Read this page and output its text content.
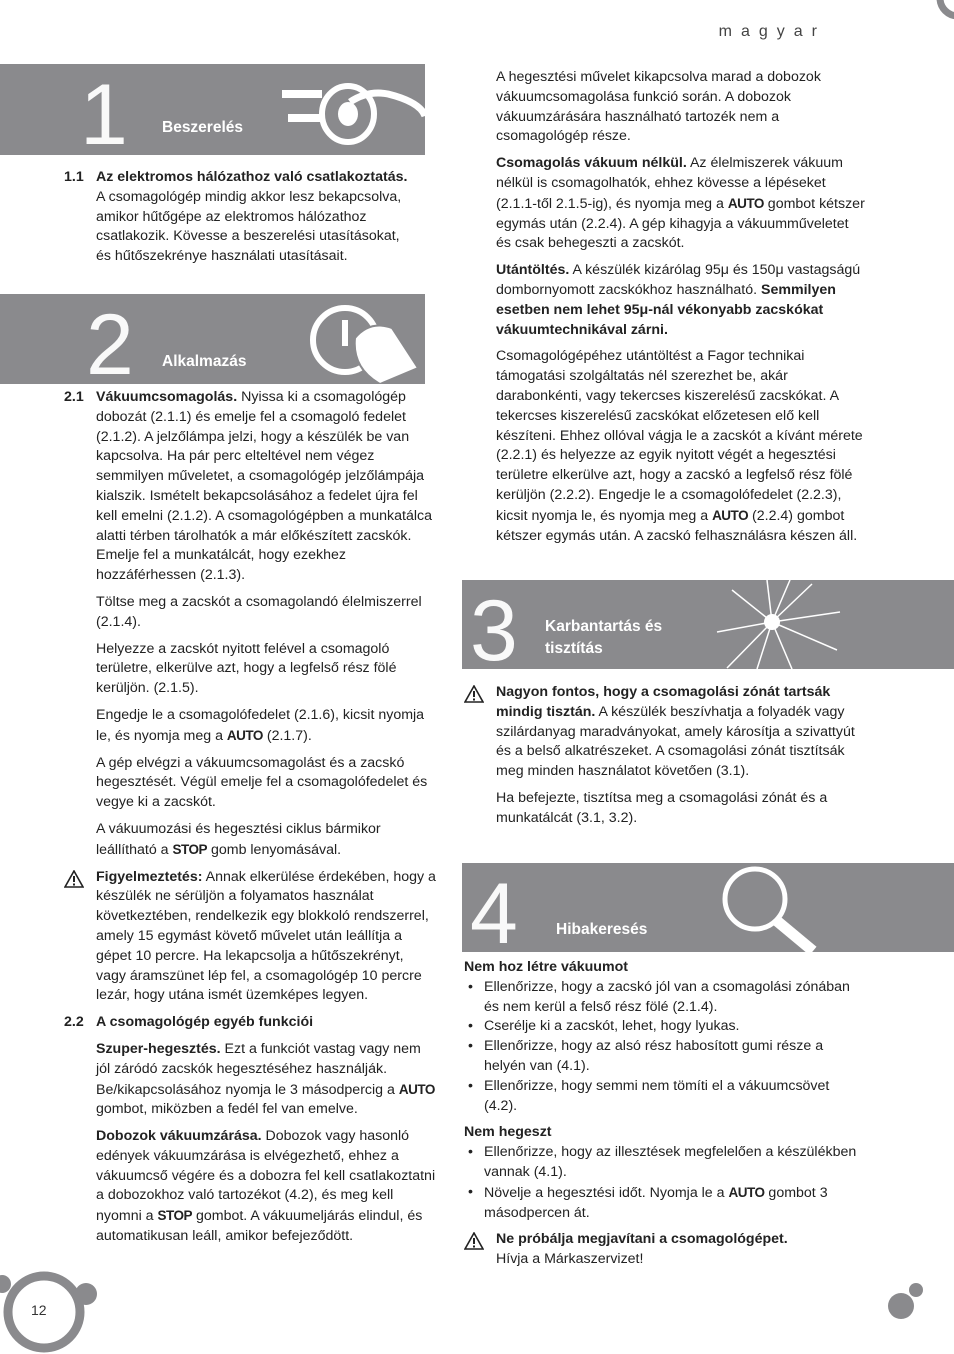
magyar
12
1 Beszerelés
1.1 Az elektromos hálózathoz való csatlakoztatás. A csomagológép mindig akkor lesz bekapcsolva, amikor hűtőgépe az elektromos hálózathoz csatlakozik. Kövesse a beszerelési utasításokat, és hűtőszekrénye használati utasításait.
2 Alkalmazás
2.1 Vákuumcsomagolás. Nyissa ki a csomagológép dobozát (2.1.1) és emelje fel a csomagoló fedelet (2.1.2). A jelzőlámpa jelzi, hogy a készülék be van kapcsolva. Ha pár perc elteltével nem végez semmilyen műveletet, a csomagológép jelzőlámpája kialszik. Ismételt bekapcsolásához a fedelet újra fel kell emelni (2.1.2). A csomagológépben a munkatálca alatti térben tárolhatók a már előkészített zacskók. Emelje fel a munkatálcát, hogy ezekhez hozzáférhessen (2.1.3).

Töltse meg a zacskót a csomagolandó élelmiszerrel (2.1.4).

Helyezze a zacskót nyitott felével a csomagoló területre, elkerülve azt, hogy a legfelső rész fölé kerüljön. (2.1.5).

Engedje le a csomagolófedelet (2.1.6), kicsit nyomja le, és nyomja meg a AUTO (2.1.7).

A gép elvégzi a vákuumcsomagolást és a zacskó hegesztését. Végül emelje fel a csomagolófedelet és vegye ki a zacskót.

A vákuumozási és hegesztési ciklus bármikor leállítható a STOP gomb lenyomásával.

Figyelmeztetés: Annak elkerülése érdekében, hogy a készülék ne sérüljön a folyamatos használat következtében, rendelkezik egy blokkoló rendszerrel, amely 15 egymást követő művelet után leállítja a gépet 10 percre. Ha lekapcsolja a hűtőszekrényt, vagy áramszünet lép fel, a csomagológép 10 percre lezár, hogy utána ismét üzemképes legyen.

2.2 A csomagológép egyéb funkciói

Szuper-hegesztés. Ezt a funkciót vastag vagy nem jól záródó zacskók hegesztéséhez használják. Be/kikapcsolásához nyomja le 3 másodpercig a AUTO gombot, miközben a fedél fel van emelve.

Dobozok vákuumzárása. Dobozok vagy hasonló edények vákuumzárása is elvégezhető, ehhez a vákuumcső végére és a dobozra fel kell csatlakoztatni a dobozokhoz való tartozékot (4.2), és meg kell nyomni a STOP gombot. A vákuumeljárás elindul, és automatikusan leáll, amikor befejeződött.

A hegesztési művelet kikapcsolva marad a dobozok vákuumcsomagolása funkció során. A dobozok vákuumzárására használható tartozék nem a csomagológép része.

Csomagolás vákuum nélkül. Az élelmiszerek vákuum nélkül is csomagolhatók, ehhez kövesse a lépéseket (2.1.1-től 2.1.5-ig), és nyomja meg a AUTO gombot kétszer egymás után (2.2.4). A gép kihagyja a vákuumműveletet és csak behegeszti a zacskót.

Utántöltés. A készülék kizárólag 95μ és 150μ vastagságú dombornyomott zacskókhoz használható. Semmilyen esetben nem lehet 95μ-nál vékonyabb zacskókat vákuumtechnikával zárni.

Csomagológépéhez utántöltést a Fagor technikai támogatási szolgáltatás nél szerezhet be, akár darabonkénti, vagy tekercses kiszerelésű zacskókat. A tekercses kiszerelésű zacskókat előzetesen elő kell készíteni. Ehhez ollóval vágja le a zacskót a kívánt mérete (2.2.1) és helyezze az egyik nyitott végét a hegesztési területre elkerülve azt, hogy a zacskó a legfelső rész fölé kerüljön (2.2.2). Engedje le a csomagolófedelet (2.2.3), kicsit nyomja le, és nyomja meg a AUTO (2.2.4) gombot kétszer egymás után. A zacskó felhasználásra készen áll.

3 Karbantartás és
tisztítás

Nagyon fontos, hogy a csomagolási zónát tartsák mindig tisztán. A készülék beszívhatja a folyadék vagy szilárdanyag maradványokat, amely károsítja a szivattyút és a belső alkatrészeket. A csomagolási zónát tisztítsák meg minden használatot követően (3.1).

Ha befejezte, tisztítsa meg a csomagolási zónát és a munkatálcát (3.1, 3.2).

4 Hibakeresés

Nem hoz létre vákuumot

• Ellenőrizze, hogy a zacskó jól van a csomagolási zónában és nem kerül a felső rész fölé (2.1.4).
• Cserélje ki a zacskót, lehet, hogy lyukas.
• Ellenőrizze, hogy az alsó rész habosított gumi része a helyén van (4.1).
• Ellenőrizze, hogy semmi nem tömíti el a vákuumcsövet (4.2).

Nem hegeszt

• Ellenőrizze, hogy az illesztések megfelelően a készülékben vannak (4.1).
• Növelje a hegesztési időt. Nyomja le a AUTO gombot 3 másodpercen át.
Ne próbálja megjavítani a csomagológépet.
Hívja a Márkaszervizet!
